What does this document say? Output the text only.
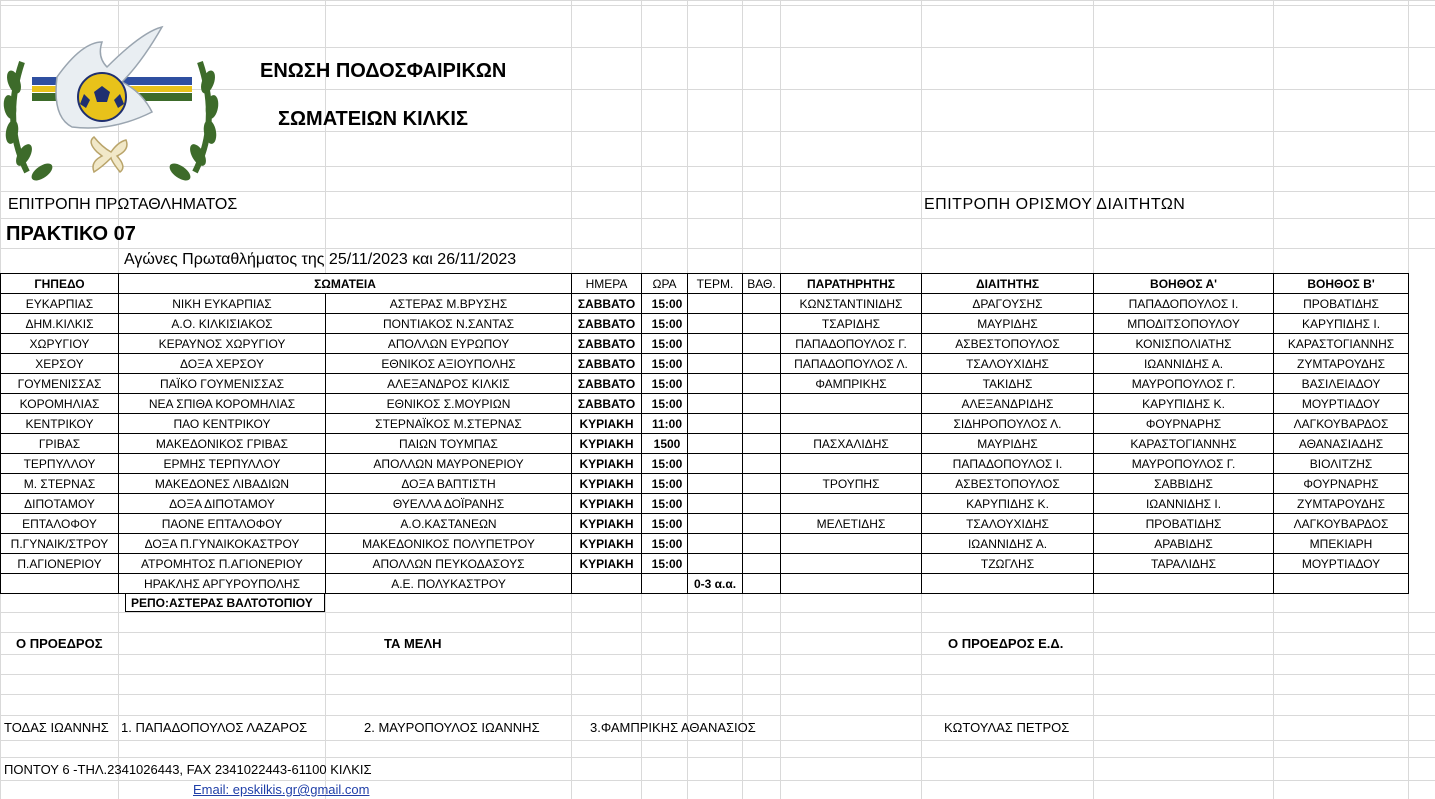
ΕΝΩΣΗ ΠΟΔΟΣΦΑΙΡΙΚΩΝ
ΣΩΜΑΤΕΙΩΝ ΚΙΛΚΙΣ
ΕΠΙΤΡΟΠΗ ΠΡΩΤΑΘΛΗΜΑΤΟΣ	ΕΠΙΤΡΟΠΗ ΟΡΙΣΜΟΥ ΔΙΑΙΤΗΤΩΝ
ΠΡΑΚΤΙΚΟ 07
Αγώνες Πρωταθλήματος της 25/11/2023 και 26/11/2023
ΓΗΠΕΔΟ	ΣΩΜΑΤΕΙΑ		ΗΜΕΡΑ	ΩΡΑ	ΤΕΡΜ.	ΒΑΘ.	ΠΑΡΑΤΗΡΗΤΗΣ	ΔΙΑΙΤΗΤΗΣ	ΒΟΗΘΟΣ Α'	ΒΟΗΘΟΣ Β'
ΕΥΚΑΡΠΙΑΣ	ΝΙΚΗ ΕΥΚΑΡΠΙΑΣ	ΑΣΤΕΡΑΣ Μ.ΒΡΥΣΗΣ	ΣΑΒΒΑΤΟ	15:00			ΚΩΝΣΤΑΝΤΙΝΙΔΗΣ	ΔΡΑΓΟΥΣΗΣ	ΠΑΠΑΔΟΠΟΥΛΟΣ Ι.	ΠΡΟΒΑΤΙΔΗΣ
ΔΗΜ.ΚΙΛΚΙΣ	Α.Ο. ΚΙΛΚΙΣΙΑΚΟΣ	ΠΟΝΤΙΑΚΟΣ Ν.ΣΑΝΤΑΣ	ΣΑΒΒΑΤΟ	15:00			ΤΣΑΡΙΔΗΣ	ΜΑΥΡΙΔΗΣ	ΜΠΟΔΙΤΣΟΠΟΥΛΟΥ	ΚΑΡΥΠΙΔΗΣ Ι.
ΧΩΡΥΓΙΟΥ	ΚΕΡΑΥΝΟΣ ΧΩΡΥΓΙΟΥ	ΑΠΟΛΛΩΝ ΕΥΡΩΠΟΥ	ΣΑΒΒΑΤΟ	15:00			ΠΑΠΑΔΟΠΟΥΛΟΣ Γ.	ΑΣΒΕΣΤΟΠΟΥΛΟΣ	ΚΟΝΙΣΠΟΛΙΑΤΗΣ	ΚΑΡΑΣΤΟΓΙΑΝΝΗΣ
ΧΕΡΣΟΥ	ΔΟΞΑ ΧΕΡΣΟΥ	ΕΘΝΙΚΟΣ ΑΞΙΟΥΠΟΛΗΣ	ΣΑΒΒΑΤΟ	15:00			ΠΑΠΑΔΟΠΟΥΛΟΣ Λ.	ΤΣΑΛΟΥΧΙΔΗΣ	ΙΩΑΝΝΙΔΗΣ Α.	ΖΥΜΤΑΡΟΥΔΗΣ
ΓΟΥΜΕΝΙΣΣΑΣ	ΠΑΪΚΟ ΓΟΥΜΕΝΙΣΣΑΣ	ΑΛΕΞΑΝΔΡΟΣ ΚΙΛΚΙΣ	ΣΑΒΒΑΤΟ	15:00			ΦΑΜΠΡΙΚΗΣ	ΤΑΚΙΔΗΣ	ΜΑΥΡΟΠΟΥΛΟΣ Γ.	ΒΑΣΙΛΕΙΑΔΟΥ
ΚΟΡΟΜΗΛΙΑΣ	ΝΕΑ ΣΠΙΘΑ ΚΟΡΟΜΗΛΙΑΣ	ΕΘΝΙΚΟΣ Σ.ΜΟΥΡΙΩΝ	ΣΑΒΒΑΤΟ	15:00				ΑΛΕΞΑΝΔΡΙΔΗΣ	ΚΑΡΥΠΙΔΗΣ Κ.	ΜΟΥΡΤΙΑΔΟΥ
ΚΕΝΤΡΙΚΟΥ	ΠΑΟ ΚΕΝΤΡΙΚΟΥ	ΣΤΕΡΝΑΪΚΟΣ Μ.ΣΤΕΡΝΑΣ	ΚΥΡΙΑΚΗ	11:00				ΣΙΔΗΡΟΠΟΥΛΟΣ Λ.	ΦΟΥΡΝΑΡΗΣ	ΛΑΓΚΟΥΒΑΡΔΟΣ
ΓΡΙΒΑΣ	ΜΑΚΕΔΟΝΙΚΟΣ ΓΡΙΒΑΣ	ΠΑΙΩΝ ΤΟΥΜΠΑΣ	ΚΥΡΙΑΚΗ	1500			ΠΑΣΧΑΛΙΔΗΣ	ΜΑΥΡΙΔΗΣ	ΚΑΡΑΣΤΟΓΙΑΝΝΗΣ	ΑΘΑΝΑΣΙΑΔΗΣ
ΤΕΡΠΥΛΛΟΥ	ΕΡΜΗΣ ΤΕΡΠΥΛΛΟΥ	ΑΠΟΛΛΩΝ ΜΑΥΡΟΝΕΡΙΟΥ	ΚΥΡΙΑΚΗ	15:00				ΠΑΠΑΔΟΠΟΥΛΟΣ Ι.	ΜΑΥΡΟΠΟΥΛΟΣ Γ.	ΒΙΟΛΙΤΖΗΣ
Μ. ΣΤΕΡΝΑΣ	ΜΑΚΕΔΟΝΕΣ ΛΙΒΑΔΙΩΝ	ΔΟΞΑ ΒΑΠΤΙΣΤΗ	ΚΥΡΙΑΚΗ	15:00			ΤΡΟΥΠΗΣ	ΑΣΒΕΣΤΟΠΟΥΛΟΣ	ΣΑΒΒΙΔΗΣ	ΦΟΥΡΝΑΡΗΣ
ΔΙΠΟΤΑΜΟΥ	ΔΟΞΑ ΔΙΠΟΤΑΜΟΥ	ΘΥΕΛΛΑ ΔΟΪΡΑΝΗΣ	ΚΥΡΙΑΚΗ	15:00				ΚΑΡΥΠΙΔΗΣ Κ.	ΙΩΑΝΝΙΔΗΣ Ι.	ΖΥΜΤΑΡΟΥΔΗΣ
ΕΠΤΑΛΟΦΟΥ	ΠΑΟΝΕ ΕΠΤΑΛΟΦΟΥ	Α.Ο.ΚΑΣΤΑΝΕΩΝ	ΚΥΡΙΑΚΗ	15:00			ΜΕΛΕΤΙΔΗΣ	ΤΣΑΛΟΥΧΙΔΗΣ	ΠΡΟΒΑΤΙΔΗΣ	ΛΑΓΚΟΥΒΑΡΔΟΣ
Π.ΓΥΝΑΙΚ/ΣΤΡΟΥ	ΔΟΞΑ Π.ΓΥΝΑΙΚΟΚΑΣΤΡΟΥ	ΜΑΚΕΔΟΝΙΚΟΣ ΠΟΛΥΠΕΤΡΟΥ	ΚΥΡΙΑΚΗ	15:00				ΙΩΑΝΝΙΔΗΣ Α.	ΑΡΑΒΙΔΗΣ	ΜΠΕΚΙΑΡΗ
Π.ΑΓΙΟΝΕΡΙΟΥ	ΑΤΡΟΜΗΤΟΣ Π.ΑΓΙΟΝΕΡΙΟΥ	ΑΠΟΛΛΩΝ ΠΕΥΚΟΔΑΣΟΥΣ	ΚΥΡΙΑΚΗ	15:00				ΤΖΩΓΛΗΣ	ΤΑΡΑΛΙΔΗΣ	ΜΟΥΡΤΙΑΔΟΥ
	ΗΡΑΚΛΗΣ ΑΡΓΥΡΟΥΠΟΛΗΣ	Α.Ε. ΠΟΛΥΚΑΣΤΡΟΥ			0-3 α.α.					
ΡΕΠΟ:ΑΣΤΕΡΑΣ ΒΑΛΤΟΤΟΠΙΟΥ
Ο ΠΡΟΕΔΡΟΣ	ΤΑ ΜΕΛΗ	Ο ΠΡΟΕΔΡΟΣ Ε.Δ.
ΤΟΔΑΣ ΙΩΑΝΝΗΣ 1. ΠΑΠΑΔΟΠΟΥΛΟΣ ΛΑΖΑΡΟΣ	2. ΜΑΥΡΟΠΟΥΛΟΣ ΙΩΑΝΝΗΣ	3.ΦΑΜΠΡΙΚΗΣ ΑΘΑΝΑΣΙΟΣ	ΚΩΤΟΥΛΑΣ ΠΕΤΡΟΣ
ΠΟΝΤΟΥ 6 -ΤΗΛ.2341026443, FAX 2341022443-61100 ΚΙΛΚΙΣ
Email: epskilkis.gr@gmail.com
